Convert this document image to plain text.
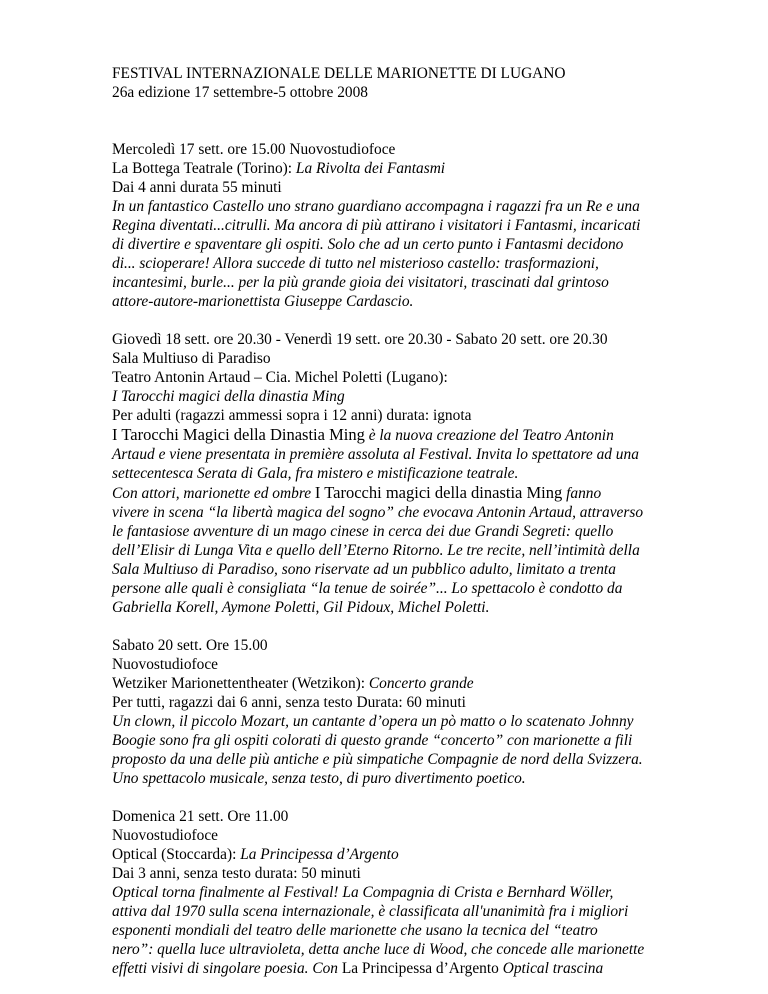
FESTIVAL INTERNAZIONALE DELLE MARIONETTE DI LUGANO
26a edizione 17 settembre-5 ottobre 2008
Mercoledì 17 sett. ore 15.00 Nuovostudiofoce
La Bottega Teatrale (Torino): La Rivolta dei Fantasmi
Dai 4 anni durata 55 minuti
In un fantastico Castello uno strano guardiano accompagna i ragazzi fra un Re e una
Regina diventati...citrulli. Ma ancora di più attirano i visitatori i Fantasmi, incaricati
di divertire e spaventare gli ospiti. Solo che ad un certo punto i Fantasmi decidono
di... scioperare! Allora succede di tutto nel misterioso castello: trasformazioni,
incantesimi, burle... per la più grande gioia dei visitatori, trascinati dal grintoso
attore-autore-marionettista Giuseppe Cardascio.
Giovedì 18 sett. ore 20.30 - Venerdì 19 sett. ore 20.30 - Sabato 20 sett. ore 20.30
Sala Multiuso di Paradiso
Teatro Antonin Artaud – Cia. Michel Poletti (Lugano):
I Tarocchi magici della dinastia Ming
Per adulti (ragazzi ammessi sopra i 12 anni) durata: ignota
I Tarocchi Magici della Dinastia Ming è la nuova creazione del Teatro Antonin
Artaud e viene presentata in première assoluta al Festival. Invita lo spettatore ad una
settecentesca Serata di Gala, fra mistero e mistificazione teatrale.
Con attori, marionette ed ombre I Tarocchi magici della dinastia Ming fanno
vivere in scena “la libertà magica del sogno” che evocava Antonin Artaud, attraverso
le fantasiose avventure di un mago cinese in cerca dei due Grandi Segreti: quello
dell’Elisir di Lunga Vita e quello dell’Eterno Ritorno. Le tre recite, nell’intimità della
Sala Multiuso di Paradiso, sono riservate ad un pubblico adulto, limitato a trenta
persone alle quali è consigliata “la tenue de soirée”... Lo spettacolo è condotto da
Gabriella Korell, Aymone Poletti, Gil Pidoux, Michel Poletti.
Sabato 20 sett. Ore 15.00
Nuovostudiofoce
Wetziker Marionettentheater (Wetzikon): Concerto grande
Per tutti, ragazzi dai 6 anni, senza testo Durata: 60 minuti
Un clown, il piccolo Mozart, un cantante d’opera un pò matto o lo scatenato Johnny
Boogie sono fra gli ospiti colorati di questo grande “concerto” con marionette a fili
proposto da una delle più antiche e più simpatiche Compagnie de nord della Svizzera.
Uno spettacolo musicale, senza testo, di puro divertimento poetico.
Domenica 21 sett. Ore 11.00
Nuovostudiofoce
Optical (Stoccarda): La Principessa d’Argento
Dai 3 anni, senza testo durata: 50 minuti
Optical torna finalmente al Festival! La Compagnia di Crista e Bernhard Wöller,
attiva dal 1970 sulla scena internazionale, è classificata all'unanimità fra i migliori
esponenti mondiali del teatro delle marionette che usano la tecnica del “teatro
nero”: quella luce ultravioleta, detta anche luce di Wood, che concede alle marionette
effetti visivi di singolare poesia. Con La Principessa d’Argento Optical trascina
